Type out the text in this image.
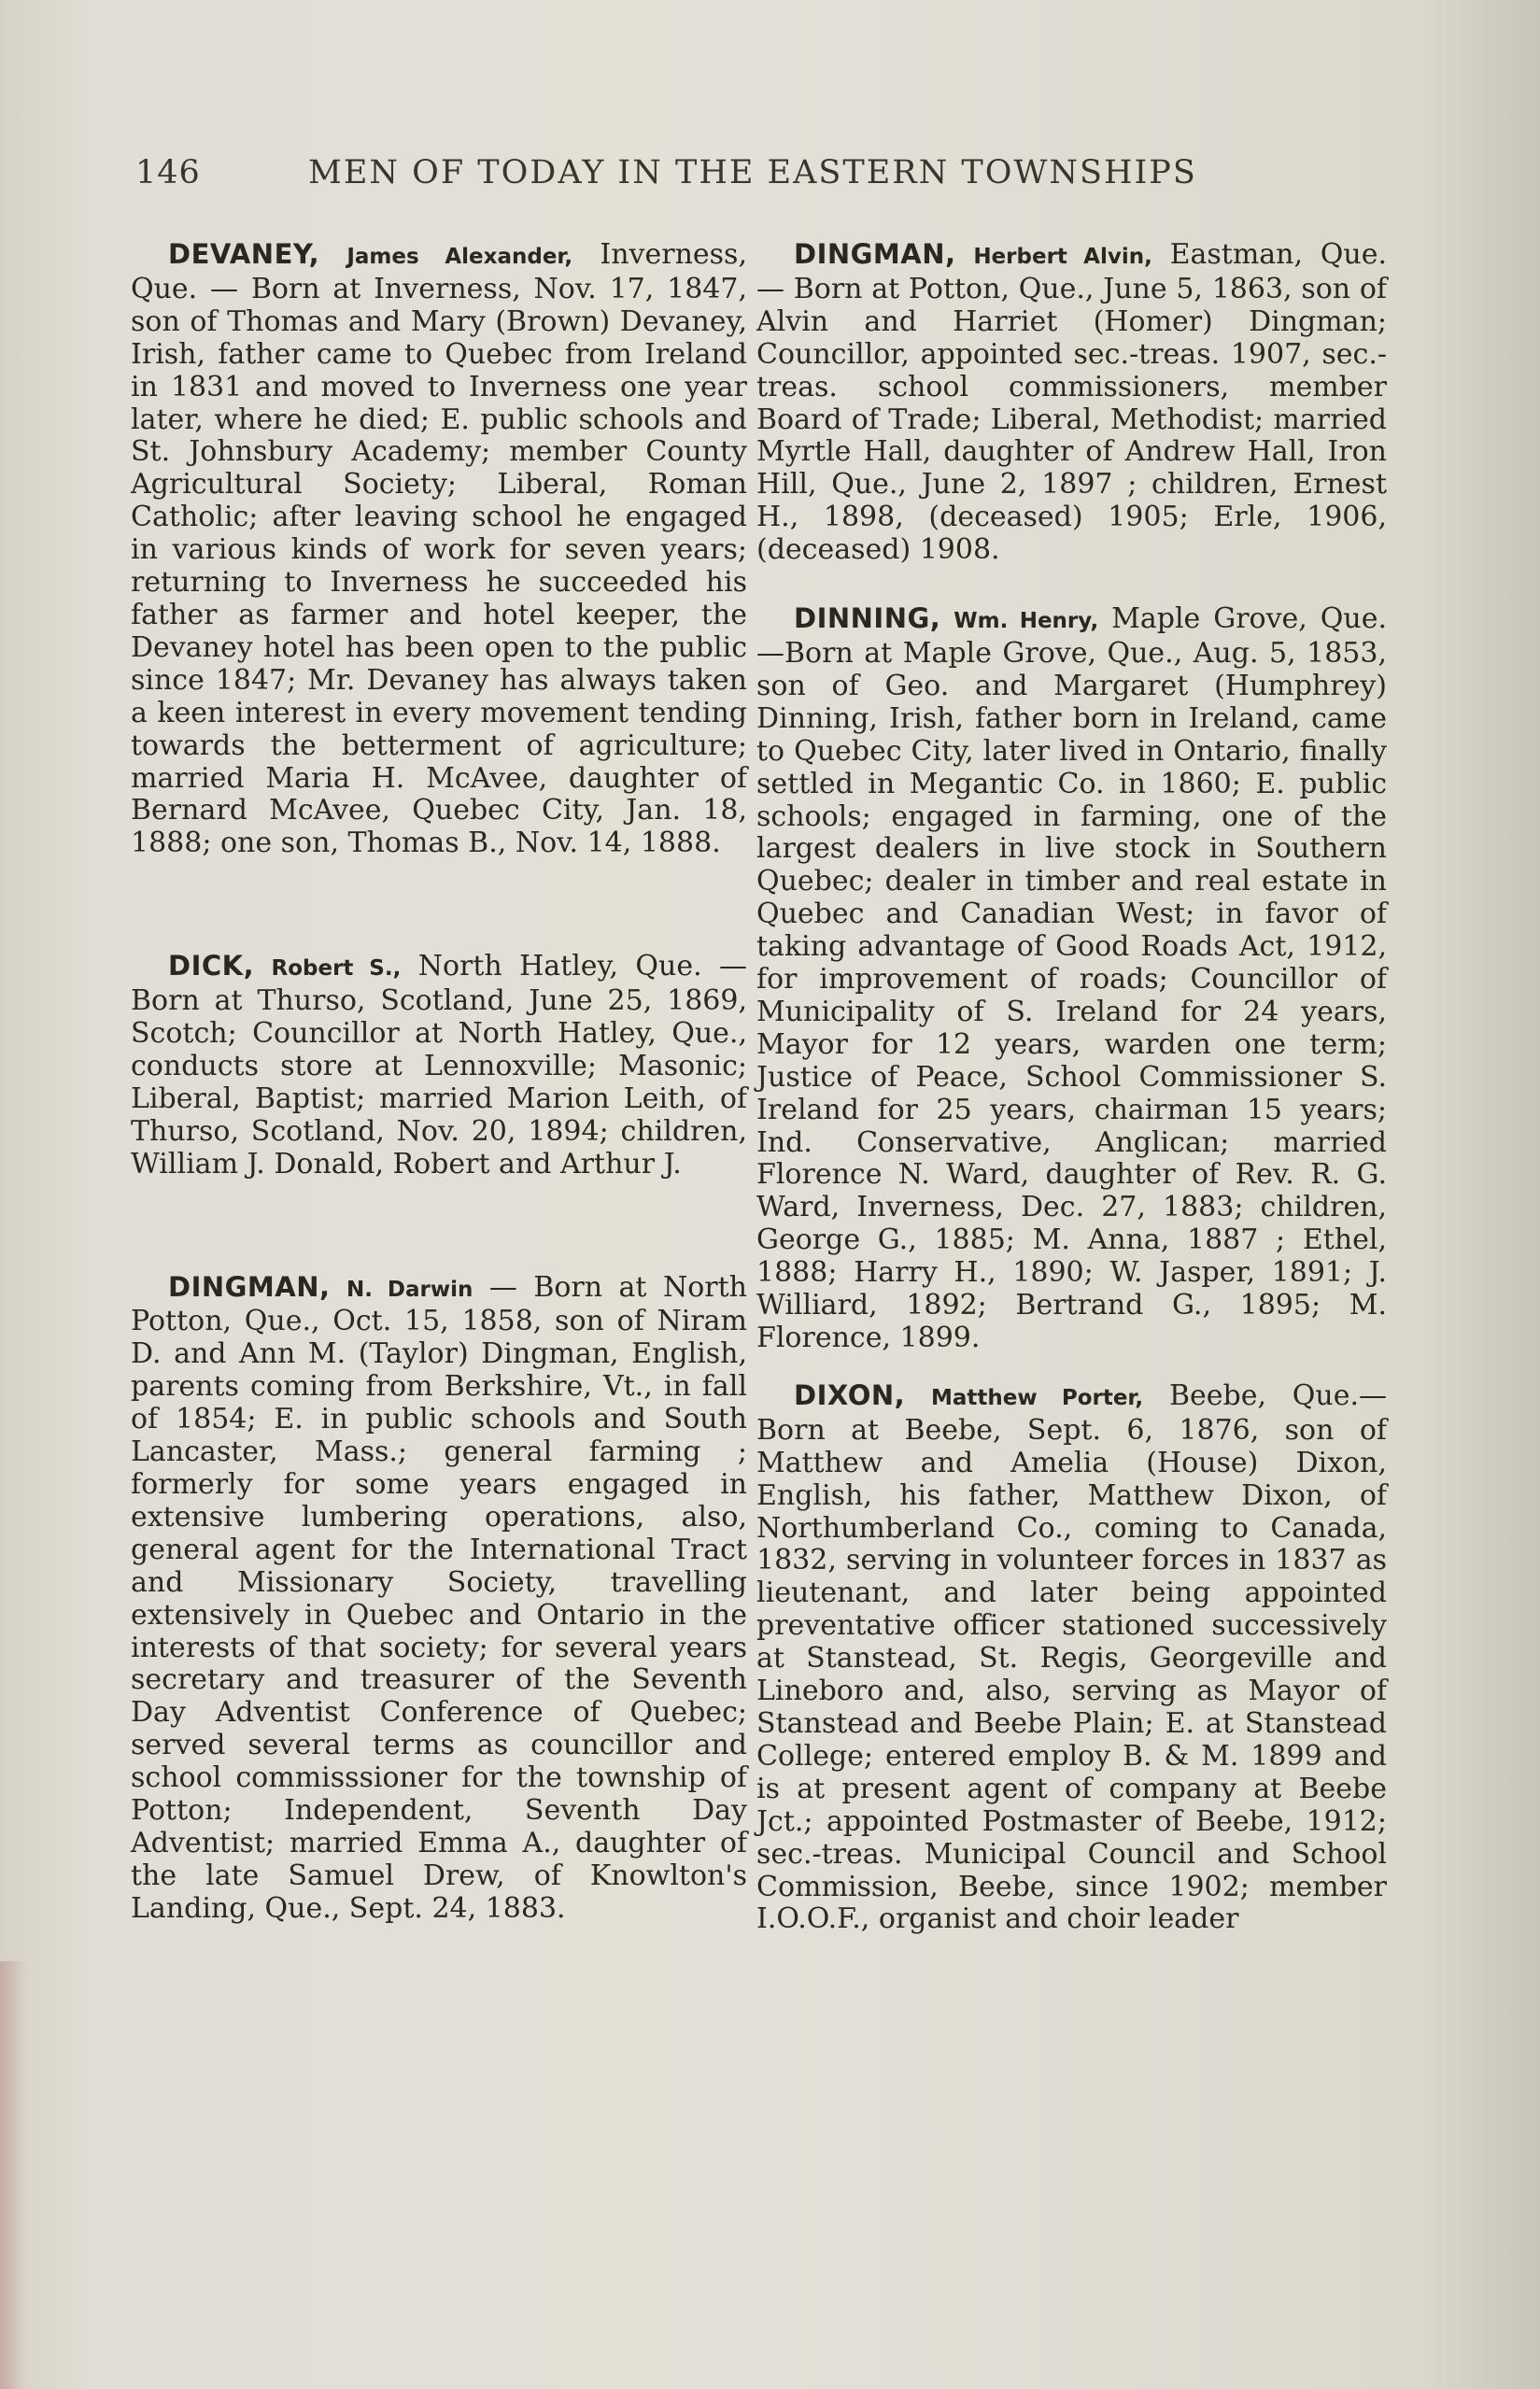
146	MEN OF TODAY IN THE EASTERN TOWNSHIPS

DEVANEY, James Alexander, Inverness, Que. — Born at Inverness, Nov. 17, 1847, son of Thomas and Mary (Brown) Devaney, Irish, father came to Quebec from Ireland in 1831 and moved to Inverness one year later, where he died; E. public schools and St. Johnsbury Academy; member County Agricultural Society; Liberal, Roman Catholic; after leaving school he engaged in various kinds of work for seven years; returning to Inverness he succeeded his father as farmer and hotel keeper, the Devaney hotel has been open to the public since 1847; Mr. Devaney has always taken a keen interest in every movement tending towards the betterment of agriculture; married Maria H. McAvee, daughter of Bernard McAvee, Quebec City, Jan. 18, 1888; one son, Thomas B., Nov. 14, 1888.

DICK, Robert S., North Hatley, Que. — Born at Thurso, Scotland, June 25, 1869, Scotch; Councillor at North Hatley, Que., conducts store at Lennoxville; Masonic; Liberal, Baptist; married Marion Leith, of Thurso, Scotland, Nov. 20, 1894; children, William J. Donald, Robert and Arthur J.

DINGMAN, N. Darwin — Born at North Potton, Que., Oct. 15, 1858, son of Niram D. and Ann M. (Taylor) Dingman, English, parents coming from Berkshire, Vt., in fall of 1854; E. in public schools and South Lancaster, Mass.; general farming ; formerly for some years engaged in extensive lumbering operations, also, general agent for the International Tract and Missionary Society, travelling extensively in Quebec and Ontario in the interests of that society; for several years secretary and treasurer of the Seventh Day Adventist Conference of Quebec; served several terms as councillor and school commisssioner for the township of Potton; Independent, Seventh Day Adventist; married Emma A., daughter of the late Samuel Drew, of Knowlton's Landing, Que., Sept. 24, 1883.

DINGMAN, Herbert Alvin, Eastman, Que. — Born at Potton, Que., June 5, 1863, son of Alvin and Harriet (Homer) Dingman; Councillor, appointed sec.-treas. 1907, sec.-treas. school commissioners, member Board of Trade; Liberal, Methodist; married Myrtle Hall, daughter of Andrew Hall, Iron Hill, Que., June 2, 1897 ; children, Ernest H., 1898, (deceased) 1905; Erle, 1906, (deceased) 1908.

DINNING, Wm. Henry, Maple Grove, Que.—Born at Maple Grove, Que., Aug. 5, 1853, son of Geo. and Margaret (Humphrey) Dinning, Irish, father born in Ireland, came to Quebec City, later lived in Ontario, finally settled in Megantic Co. in 1860; E. public schools; engaged in farming, one of the largest dealers in live stock in Southern Quebec; dealer in timber and real estate in Quebec and Canadian West; in favor of taking advantage of Good Roads Act, 1912, for improvement of roads; Councillor of Municipality of S. Ireland for 24 years, Mayor for 12 years, warden one term; Justice of Peace, School Commissioner S. Ireland for 25 years, chairman 15 years; Ind. Conservative, Anglican; married Florence N. Ward, daughter of Rev. R. G. Ward, Inverness, Dec. 27, 1883; children, George G., 1885; M. Anna, 1887 ; Ethel, 1888; Harry H., 1890; W. Jasper, 1891; J. Williard, 1892; Bertrand G., 1895; M. Florence, 1899.

DIXON, Matthew Porter, Beebe, Que.—Born at Beebe, Sept. 6, 1876, son of Matthew and Amelia (House) Dixon, English, his father, Matthew Dixon, of Northumberland Co., coming to Canada, 1832, serving in volunteer forces in 1837 as lieutenant, and later being appointed preventative officer stationed successively at Stanstead, St. Regis, Georgeville and Lineboro and, also, serving as Mayor of Stanstead and Beebe Plain; E. at Stanstead College; entered employ B. & M. 1899 and is at present agent of company at Beebe Jct.; appointed Postmaster of Beebe, 1912; sec.-treas. Municipal Council and School Commission, Beebe, since 1902; member I.O.O.F., organist and choir leader
